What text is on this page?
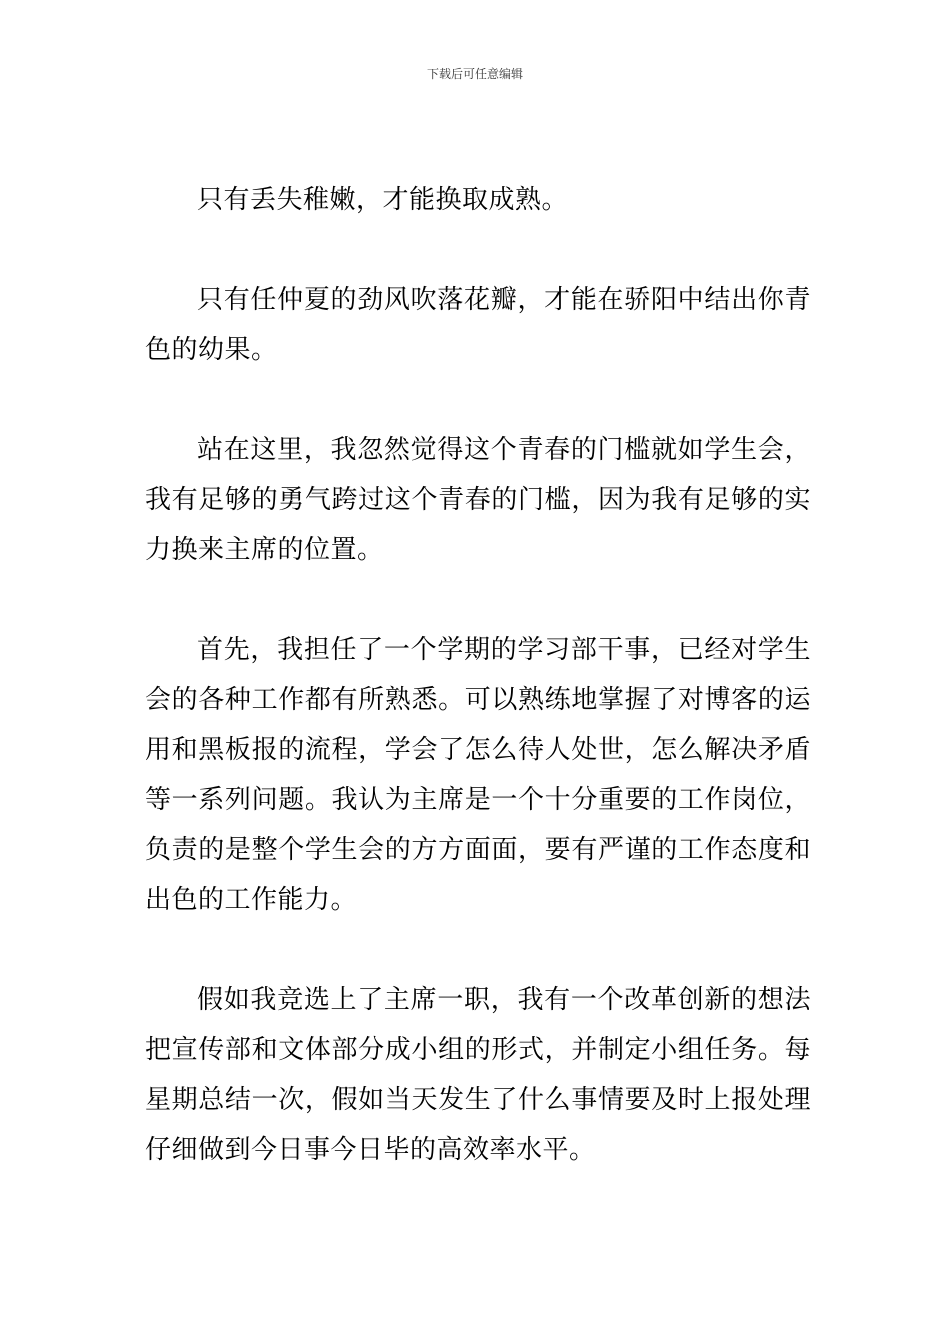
下载后可任意编辑

只有丢失稚嫩，才能换取成熟。

只有任仲夏的劲风吹落花瓣，才能在骄阳中结出你青色的幼果。

站在这里，我忽然觉得这个青春的门槛就如学生会，我有足够的勇气跨过这个青春的门槛，因为我有足够的实力换来主席的位置。

首先，我担任了一个学期的学习部干事，已经对学生会的各种工作都有所熟悉。可以熟练地掌握了对博客的运用和黑板报的流程，学会了怎么待人处世，怎么解决矛盾等一系列问题。我认为主席是一个十分重要的工作岗位，负责的是整个学生会的方方面面，要有严谨的工作态度和出色的工作能力。

假如我竞选上了主席一职，我有一个改革创新的想法把宣传部和文体部分成小组的形式，并制定小组任务。每星期总结一次，假如当天发生了什么事情要及时上报处理仔细做到今日事今日毕的高效率水平。
